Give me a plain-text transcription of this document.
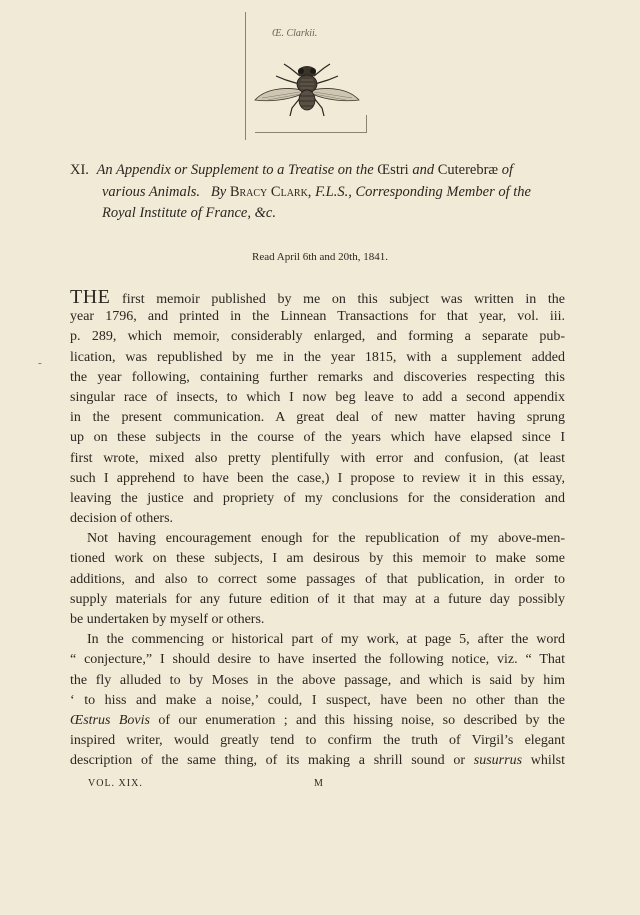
Œ. Clarkii.
XI. An Appendix or Supplement to a Treatise on the Œstri and Cuterebræ of
various Animals. By Bracy Clark, F.L.S., Corresponding Member of the
Royal Institute of France, &c.
Read April 6th and 20th, 1841.
-
THE first memoir published by me on this subject was written in the
year 1796, and printed in the Linnean Transactions for that year, vol. iii.
p. 289, which memoir, considerably enlarged, and forming a separate pub-
lication, was republished by me in the year 1815, with a supplement added
the year following, containing further remarks and discoveries respecting this
singular race of insects, to which I now beg leave to add a second appendix
in the present communication. A great deal of new matter having sprung
up on these subjects in the course of the years which have elapsed since I
first wrote, mixed also pretty plentifully with error and confusion, (at least
such I apprehend to have been the case,) I propose to review it in this essay,
leaving the justice and propriety of my conclusions for the consideration and
decision of others.
Not having encouragement enough for the republication of my above-men-
tioned work on these subjects, I am desirous by this memoir to make some
additions, and also to correct some passages of that publication, in order to
supply materials for any future edition of it that may at a future day possibly
be undertaken by myself or others.
In the commencing or historical part of my work, at page 5, after the word
“ conjecture,” I should desire to have inserted the following notice, viz. “ That
the fly alluded to by Moses in the above passage, and which is said by him
‘ to hiss and make a noise,’ could, I suspect, have been no other than the
Œstrus Bovis of our enumeration ; and this hissing noise, so described by the
inspired writer, would greatly tend to confirm the truth of Virgil’s elegant
description of the same thing, of its making a shrill sound or susurrus whilst
VOL. XIX.	M
